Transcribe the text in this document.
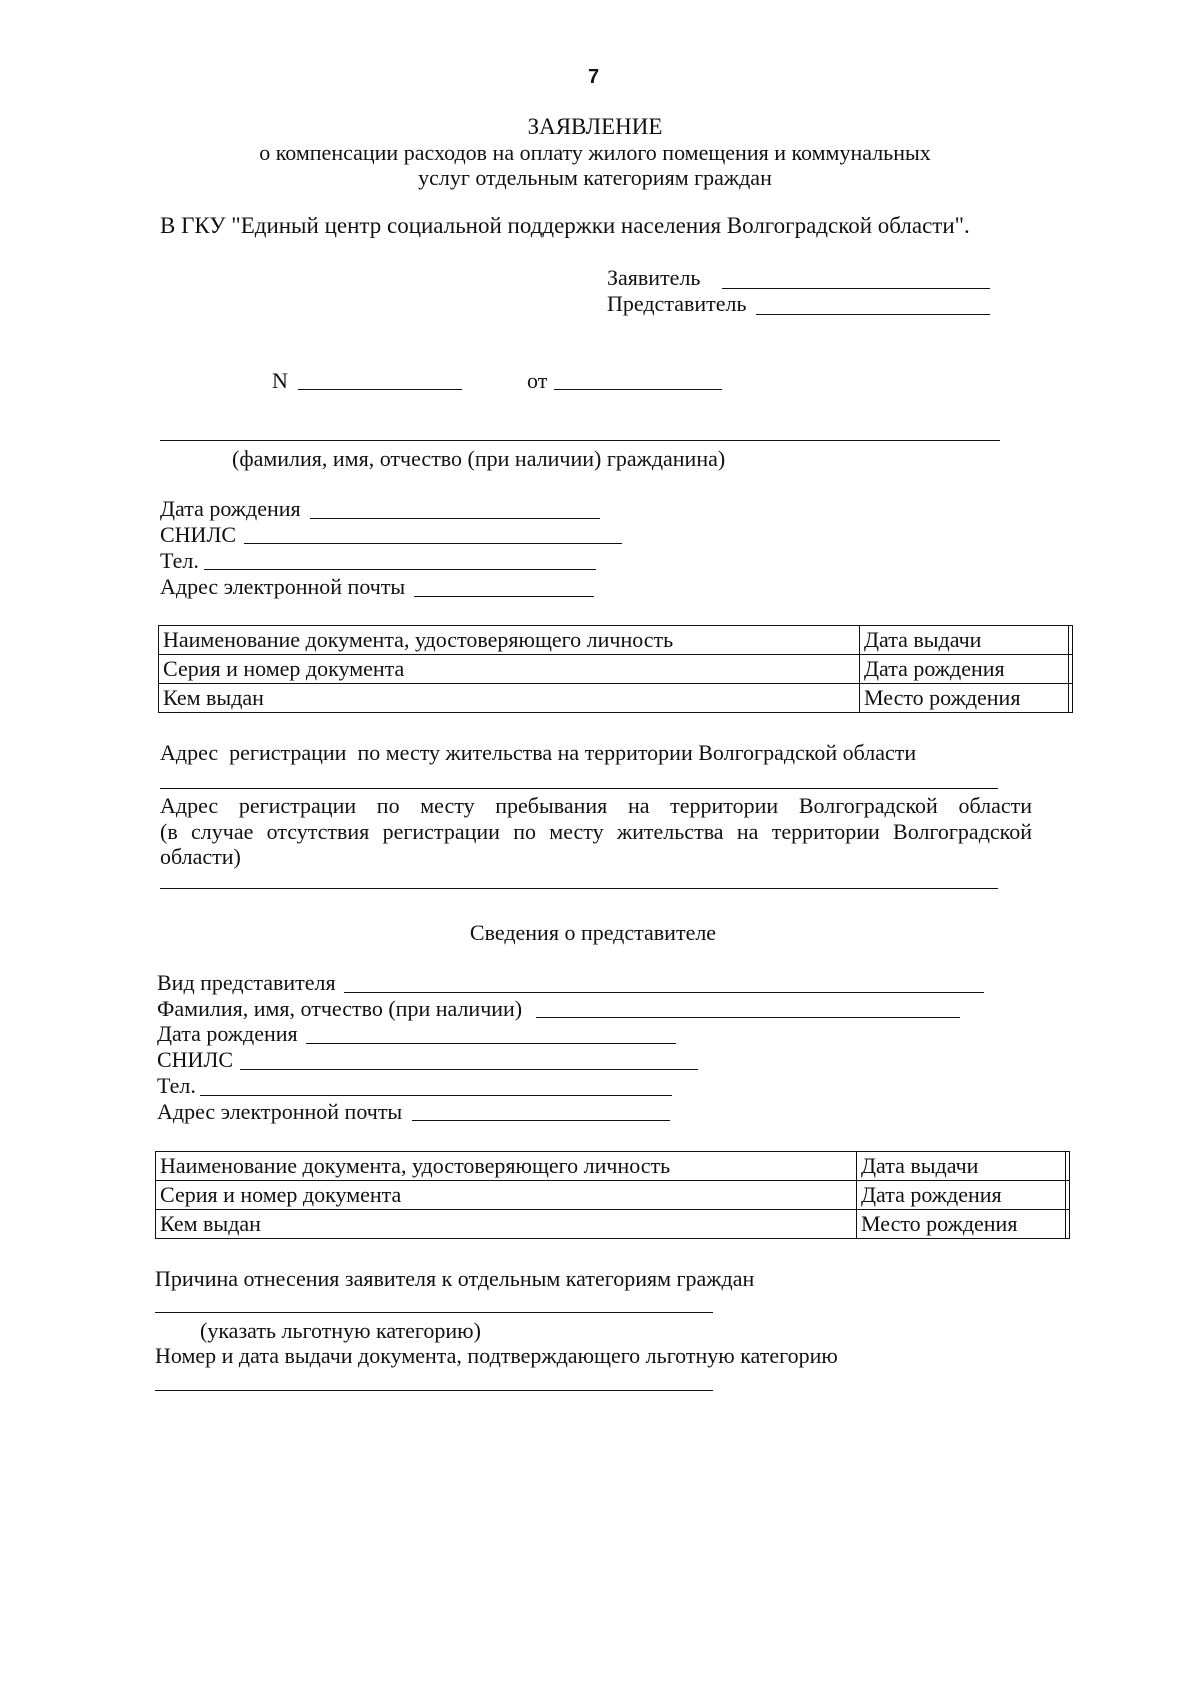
7
ЗАЯВЛЕНИЕ
о компенсации расходов на оплату жилого помещения и коммунальных
услуг отдельным категориям граждан
В ГКУ "Единый центр социальной поддержки населения Волгоградской области".
Заявитель
Представитель
N	от
(фамилия, имя, отчество (при наличии) гражданина)
Дата рождения
СНИЛС
Тел.
Адрес электронной почты
Наименование документа, удостоверяющего личность	Дата выдачи	
Серия и номер документа	Дата рождения	
Кем выдан	Место рождения	
Адрес  регистрации  по месту жительства на территории Волгоградской области
Адрес регистрации по месту пребывания на территории Волгоградской области
(в случае отсутствия регистрации по месту жительства на территории Волгоградской
области)
Сведения о представителе
Вид представителя
Фамилия, имя, отчество (при наличии)
Дата рождения
СНИЛС
Тел.
Адрес электронной почты
Наименование документа, удостоверяющего личность	Дата выдачи	
Серия и номер документа	Дата рождения	
Кем выдан	Место рождения	
Причина отнесения заявителя к отдельным категориям граждан
(указать льготную категорию)
Номер и дата выдачи документа, подтверждающего льготную категорию
